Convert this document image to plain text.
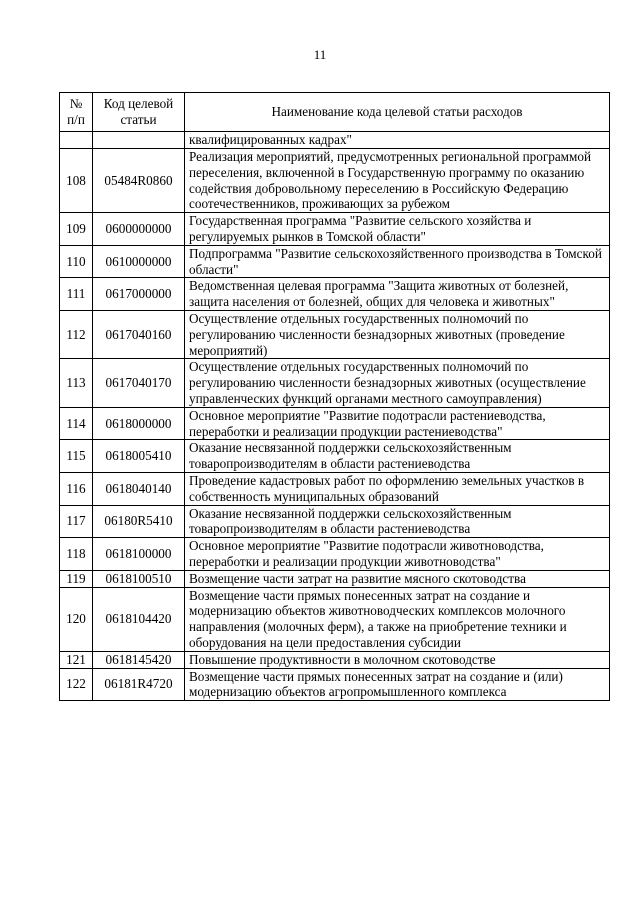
11
№ п/п	Код целевой статьи	Наименование кода целевой статьи расходов
		квалифицированных кадрах"
108	05484R0860	Реализация мероприятий, предусмотренных региональной программой переселения, включенной в Государственную программу по оказанию содействия добровольному переселению в Российскую Федерацию соотечественников, проживающих за рубежом
109	0600000000	Государственная программа "Развитие сельского хозяйства и регулируемых рынков в Томской области"
110	0610000000	Подпрограмма "Развитие сельскохозяйственного производства в Томской области"
111	0617000000	Ведомственная целевая программа "Защита животных от болезней, защита населения от болезней, общих для человека и животных"
112	0617040160	Осуществление отдельных государственных полномочий по регулированию численности безнадзорных животных (проведение мероприятий)
113	0617040170	Осуществление отдельных государственных полномочий по регулированию численности безнадзорных животных (осуществление управленческих функций органами местного самоуправления)
114	0618000000	Основное мероприятие "Развитие подотрасли растениеводства, переработки и реализации продукции растениеводства"
115	0618005410	Оказание несвязанной поддержки сельскохозяйственным товаропроизводителям в области растениеводства
116	0618040140	Проведение кадастровых работ по оформлению земельных участков в собственность муниципальных образований
117	06180R5410	Оказание несвязанной поддержки сельскохозяйственным товаропроизводителям в области растениеводства
118	0618100000	Основное мероприятие "Развитие подотрасли животноводства, переработки и реализации продукции животноводства"
119	0618100510	Возмещение части затрат на развитие мясного скотоводства
120	0618104420	Возмещение части прямых понесенных затрат на создание и модернизацию объектов животноводческих комплексов молочного направления (молочных ферм), а также на приобретение техники и оборудования на цели предоставления субсидии
121	0618145420	Повышение продуктивности в молочном скотоводстве
122	06181R4720	Возмещение части прямых понесенных затрат на создание и (или) модернизацию объектов агропромышленного комплекса
